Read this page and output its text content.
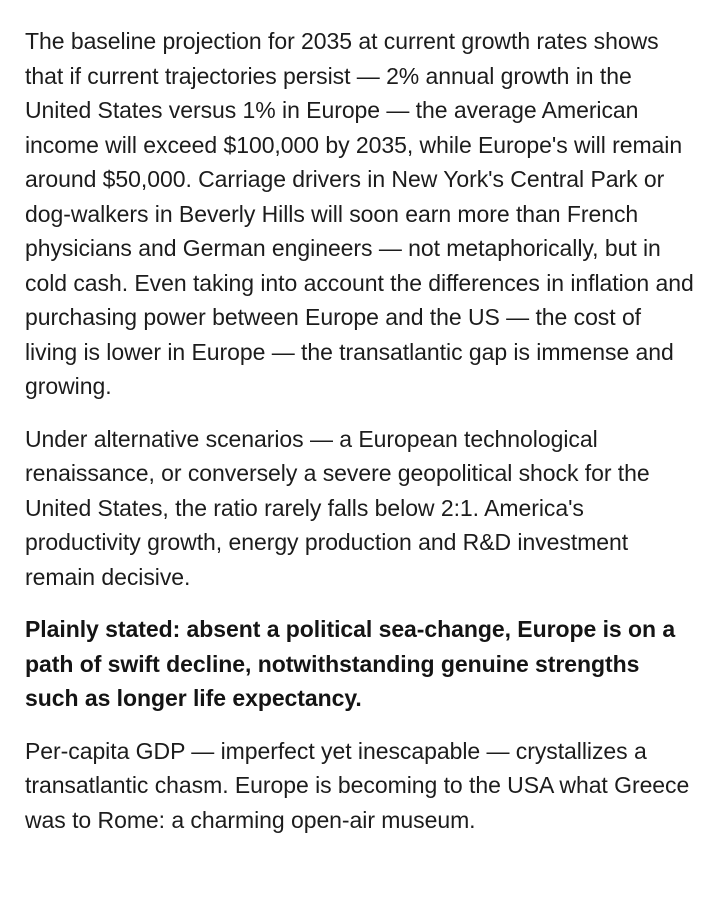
The baseline projection for 2035 at current growth rates shows that if current trajectories persist — 2% annual growth in the United States versus 1% in Europe — the average American income will exceed $100,000 by 2035, while Europe's will remain around $50,000. Carriage drivers in New York's Central Park or dog-walkers in Beverly Hills will soon earn more than French physicians and German engineers — not metaphorically, but in cold cash. Even taking into account the differences in inflation and purchasing power between Europe and the US — the cost of living is lower in Europe — the transatlantic gap is immense and growing.

Under alternative scenarios — a European technological renaissance, or conversely a severe geopolitical shock for the United States, the ratio rarely falls below 2:1. America's productivity growth, energy production and R&D investment remain decisive.

Plainly stated: absent a political sea-change, Europe is on a path of swift decline, notwithstanding genuine strengths such as longer life expectancy.

Per-capita GDP — imperfect yet inescapable — crystallizes a transatlantic chasm. Europe is becoming to the USA what Greece was to Rome: a charming open-air museum.
